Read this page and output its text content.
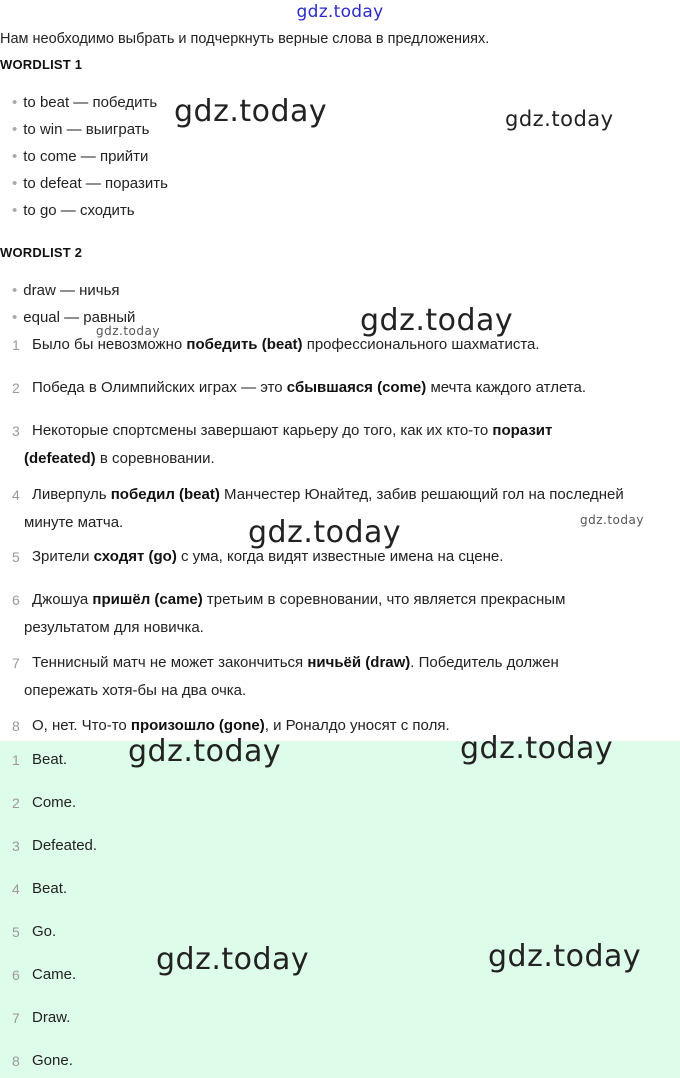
gdz.today
Нам необходимо выбрать и подчеркнуть верные слова в предложениях.
WORDLIST 1
• to beat — победить
• to win — выиграть
• to come — прийти
• to defeat — поразить
• to go — сходить
WORDLIST 2
• draw — ничья
• equal — равный
1 Было бы невозможно победить (beat) профессионального шахматиста.
2 Победа в Олимпийских играх — это сбывшаяся (come) мечта каждого атлета.
3 Некоторые спортсмены завершают карьеру до того, как их кто-то поразит
(defeated) в соревновании.
4 Ливерпуль победил (beat) Манчестер Юнайтед, забив решающий гол на последней
минуте матча.
5 Зрители сходят (go) с ума, когда видят известные имена на сцене.
6 Джошуа пришёл (came) третьим в соревновании, что является прекрасным
результатом для новичка.
7 Теннисный матч не может закончиться ничьёй (draw). Победитель должен
опережать хотя-бы на два очка.
8 О, нет. Что-то произошло (gone), и Роналдо уносят с поля.
1 Beat.
2 Come.
3 Defeated.
4 Beat.
5 Go.
6 Came.
7 Draw.
8 Gone.
gdz.today	gdz.today
gdz.today
gdz.today
gdz.today	gdz.today
gdz.today	gdz.today
gdz.today	gdz.today
